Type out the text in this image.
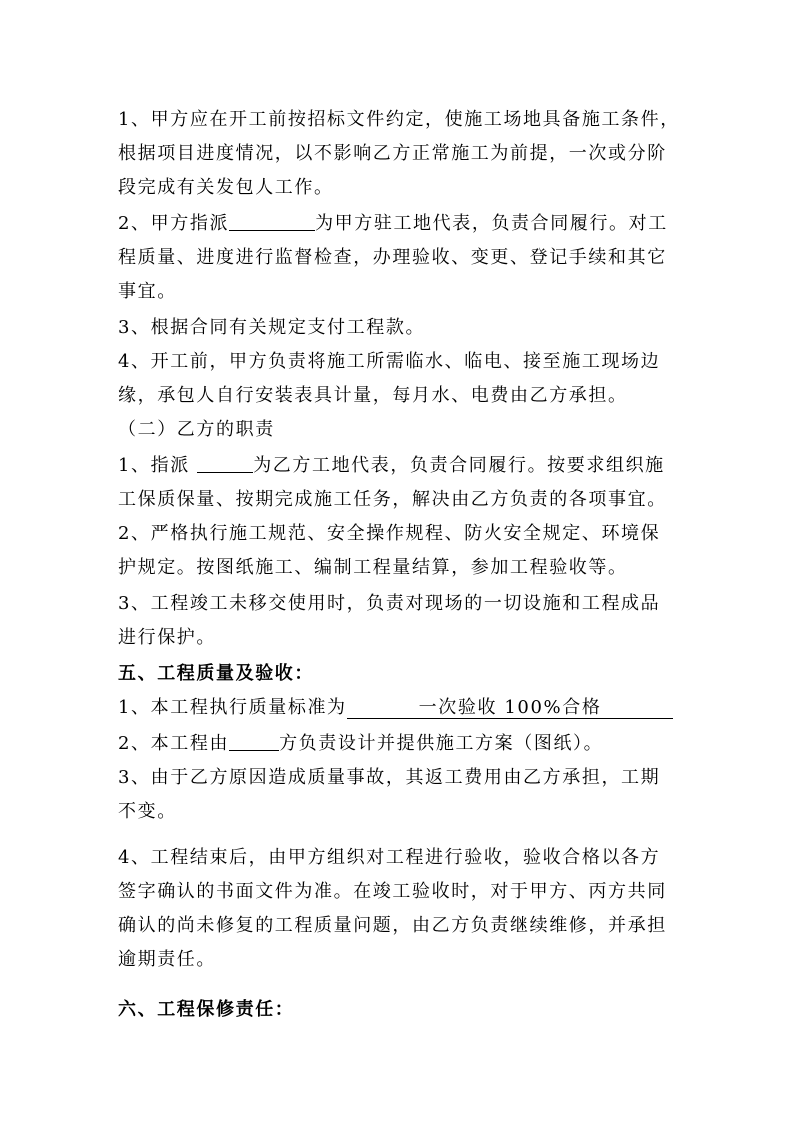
1、甲方应在开工前按招标文件约定，使施工场地具备施工条件，
根据项目进度情况，以不影响乙方正常施工为前提，一次或分阶
段完成有关发包人工作。
2、甲方指派	为甲方驻工地代表，负责合同履行。对工
程质量、进度进行监督检查，办理验收、变更、登记手续和其它
事宜。
3、根据合同有关规定支付工程款。
4、开工前，甲方负责将施工所需临水、临电、接至施工现场边
缘，承包人自行安装表具计量，每月水、电费由乙方承担。
（二）乙方的职责
1、指派	为乙方工地代表，负责合同履行。按要求组织施
工保质保量、按期完成施工任务，解决由乙方负责的各项事宜。
2、严格执行施工规范、安全操作规程、防火安全规定、环境保
护规定。按图纸施工、编制工程量结算，参加工程验收等。
3、工程竣工未移交使用时，负责对现场的一切设施和工程成品
进行保护。
五、工程质量及验收：
1、本工程执行质量标准为	一次验收 100%合格
2、本工程由	方负责设计并提供施工方案（图纸）。
3、由于乙方原因造成质量事故，其返工费用由乙方承担，工期
不变。
4、工程结束后，由甲方组织对工程进行验收，验收合格以各方
签字确认的书面文件为准。在竣工验收时，对于甲方、丙方共同
确认的尚未修复的工程质量问题，由乙方负责继续维修，并承担
逾期责任。
六、工程保修责任：
